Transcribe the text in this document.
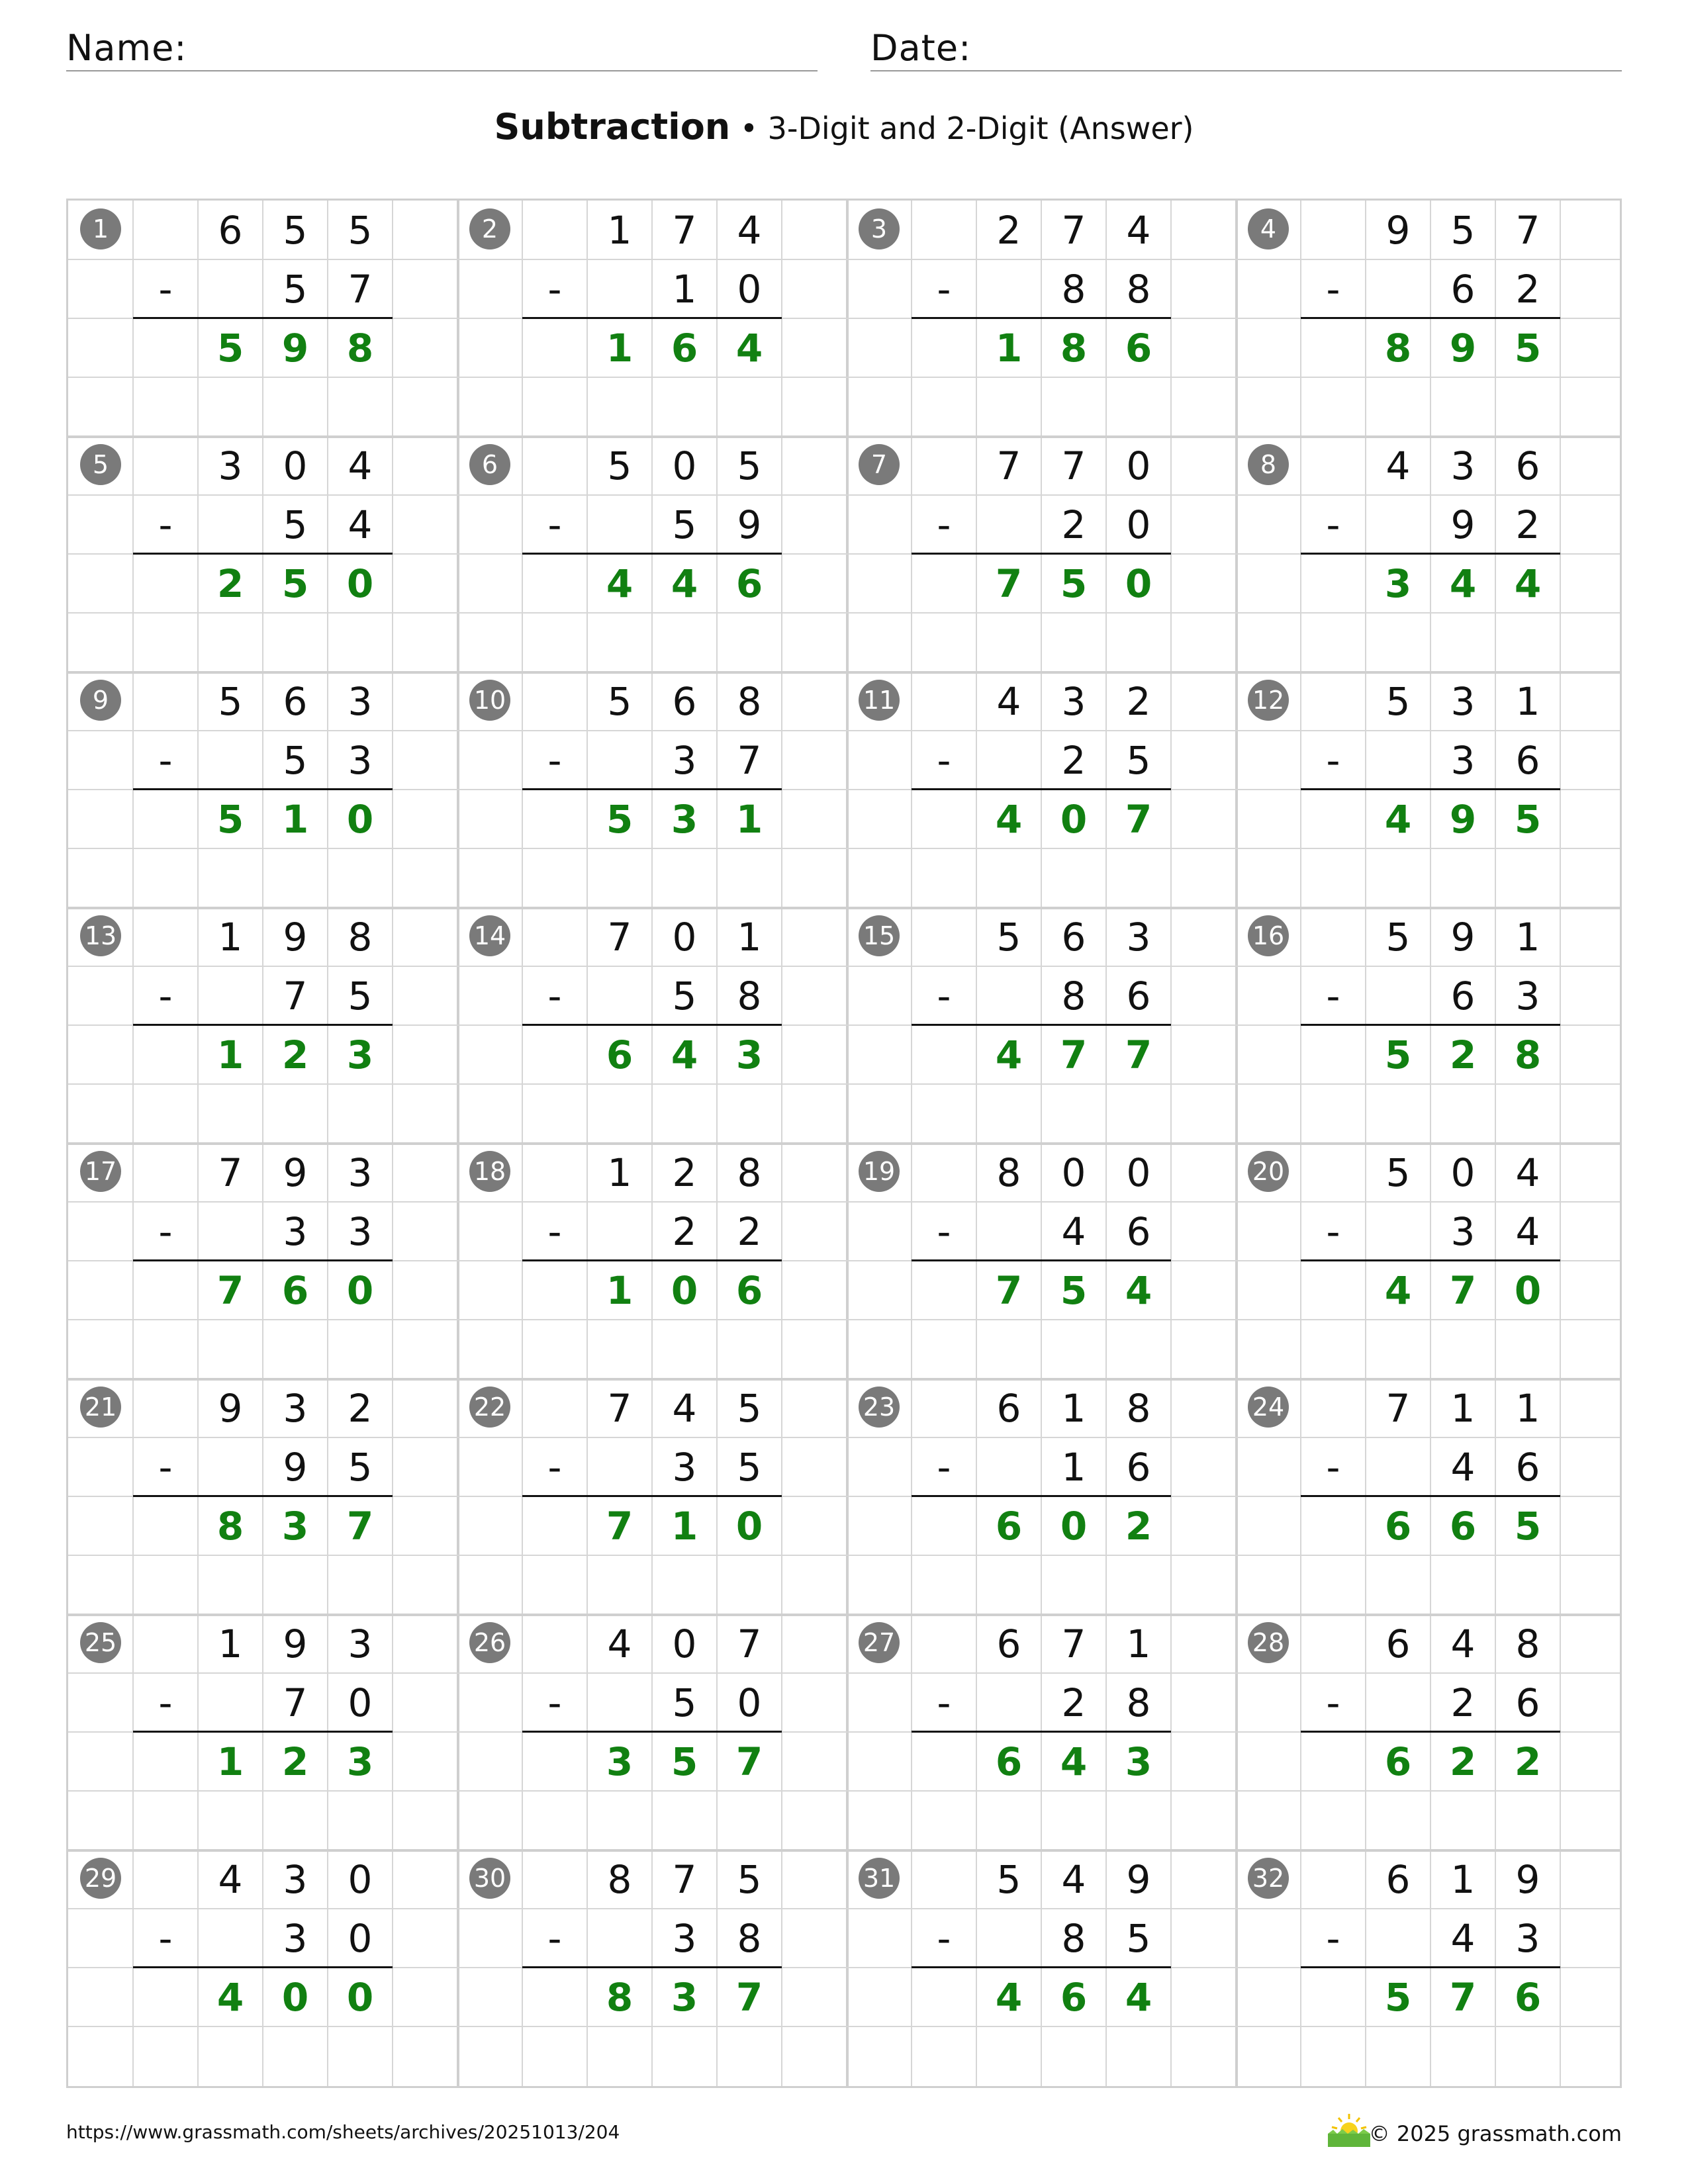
Name:	Date:
Subtraction • 3-Digit and 2-Digit (Answer)
1	6	5	5
-	5	7
5 9 8
2	1	7	4
-	1	0
1 6 4
3	2	7	4
-	8	8
1 8 6
4	9	5	7
-	6	2
8 9 5
5	3	0	4
-	5	4
2 5 0
6	5	0	5
-	5	9
4 4 6
7	7	7	0
-	2	0
7 5 0
8	4	3	6
-	9	2
3 4 4
9	5	6	3
-	5	3
5 1 0
10	5	6	8
-	3	7
5 3 1
11	4	3	2
-	2	5
4 0 7
12	5	3	1
-	3	6
4 9 5
13	1	9	8
-	7	5
1 2 3
14	7	0	1
-	5	8
6 4 3
15	5	6	3
-	8	6
4 7 7
16	5	9	1
-	6	3
5 2 8
17	7	9	3
-	3	3
7 6 0
18	1	2	8
-	2	2
1 0 6
19	8	0	0
-	4	6
7 5 4
20	5	0	4
-	3	4
4 7 0
21	9	3	2
-	9	5
8 3 7
22	7	4	5
-	3	5
7 1 0
23	6	1	8
-	1	6
6 0 2
24	7	1	1
-	4	6
6 6 5
25	1	9	3
-	7	0
1 2 3
26	4	0	7
-	5	0
3 5 7
27	6	7	1
-	2	8
6 4 3
28	6	4	8
-	2	6
6 2 2
29	4	3	0
-	3	0
4 0 0
30	8	7	5
-	3	8
8 3 7
31	5	4	9
-	8	5
4 6 4
32	6	1	9
-	4	3
5 7 6
https://www.grassmath.com/sheets/archives/20251013/204	© 2025 grassmath.com
